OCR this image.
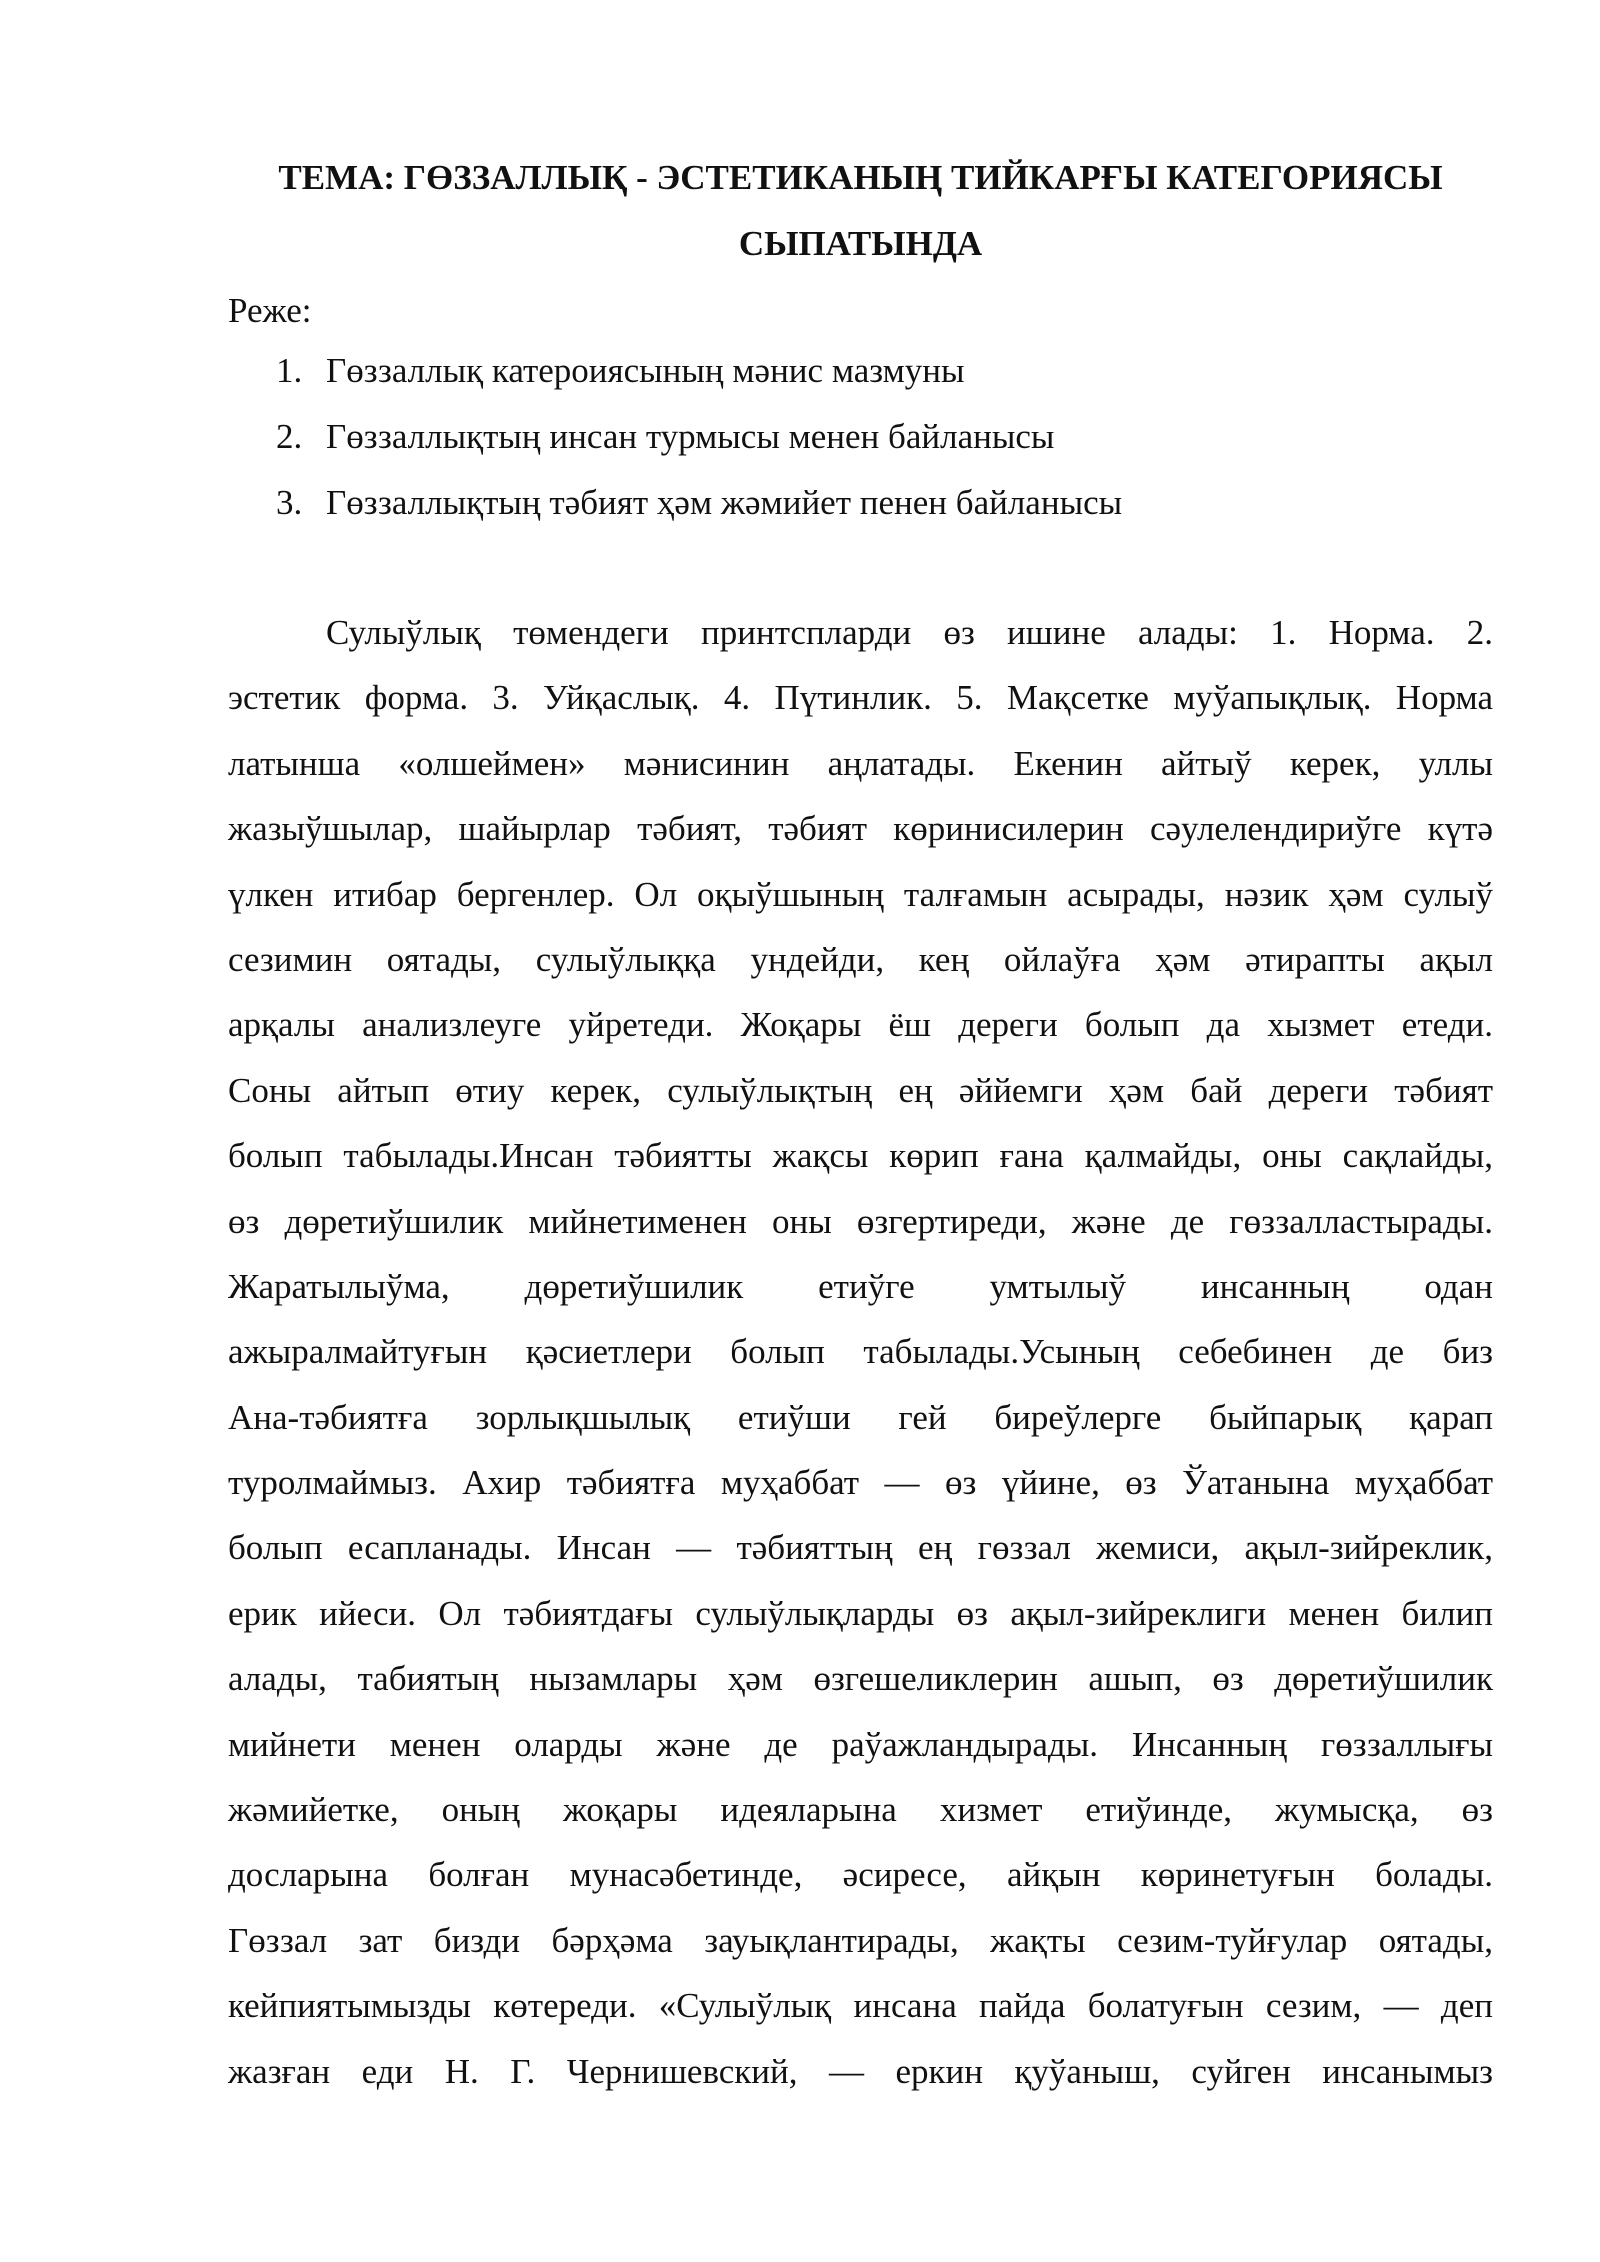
ТЕМА: ГӨЗЗАЛЛЫҚ - ЭСТЕТИКАНЫҢ ТИЙКАРҒЫ КАТЕГОРИЯСЫ
СЫПАТЫНДА

Реже:

1. Гөззаллық катероиясының мәнис мазмуны
2. Гөззаллықтың инсан турмысы менен байланысы
3. Гөззаллықтың тәбият ҳәм жәмийет пенен байланысы
Сулыўлық төмендеги принтспларди өз ишине алады: 1. Норма. 2.
эстетик форма. 3. Уйқаслық. 4. Пүтинлик. 5. Мақсетке муўапықлық. Норма
латынша «олшеймен» мәнисинин аңлатады. Екенин айтыў керек, уллы
жазыўшылар, шайырлар тәбият, тәбият көринисилерин сәулелендириўге күтә
үлкен итибар бергенлер. Ол оқыўшының талғамын асырады, нәзик ҳәм сулыў
сезимин оятады, сулыўлыққа ундейди, кең ойлаўға ҳәм әтирапты ақыл
арқалы анализлеуге уйретеди. Жоқары ёш дереги болып да хызмет етеди.
Соны айтып өтиу керек, сулыўлықтың ең әййемги ҳәм бай дереги тәбият
болып табылады.Инсан тәбиятты жақсы көрип ғана қалмайды, оны сақлайды,
өз дөретиўшилик мийнетименен оны өзгертиреди, және де гөззалластырады.
Жаратылыўма, дөретиўшилик етиўге умтылыў инсанның одан
ажыралмайтуғын қәсиетлери болып табылады.Усының себебинен де биз
Ана-тәбиятға зорлықшылық етиўши гей биреўлерге быйпарық қарап
туролмаймыз. Ахир тәбиятға муҳаббат — өз үйине, өз Ўатанына муҳаббат
болып есапланады. Инсан — тәбияттың ең гөззал жемиси, ақыл-зийреклик,
ерик ийеси. Ол тәбиятдағы сулыўлықларды өз ақыл-зийреклиги менен билип
алады, табиятың нызамлары ҳәм өзгешеликлерин ашып, өз дөретиўшилик
мийнети менен оларды және де раўажландырады. Инсанның гөззаллығы
жәмийетке, оның жоқары идеяларына хизмет етиўинде, жумысқа, өз
досларына болған мунасәбетинде, әсиресе, айқын көринетуғын болады.
Гөззал зат бизди бәрҳәма зауықлантирады, жақты сезим-туйғулар оятады,
кейпиятымызды көтереди. «Сулыўлық инсана пайда болатуғын сезим, — деп
жазған еди Н. Г. Чернишевский, — еркин қуўаныш, суйген инсанымыз
